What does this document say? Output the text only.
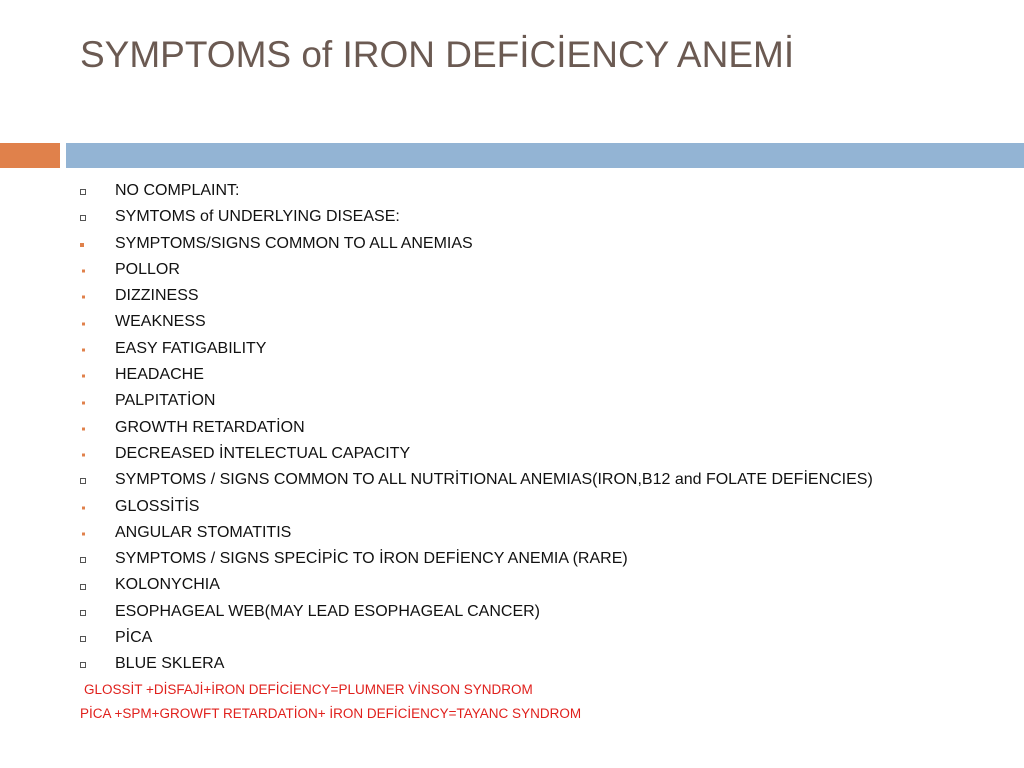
SYMPTOMS of IRON DEFİCİENCY ANEMİ
NO COMPLAINT:
SYMTOMS of UNDERLYING DISEASE:
SYMPTOMS/SIGNS COMMON TO ALL ANEMIAS
POLLOR
DIZZINESS
WEAKNESS
EASY FATIGABILITY
HEADACHE
PALPITATİON
GROWTH RETARDATİON
DECREASED İNTELECTUAL CAPACITY
SYMPTOMS / SIGNS COMMON TO ALL NUTRİTIONAL ANEMIAS(IRON,B12 and FOLATE DEFİENCIES)
GLOSSİTİS
ANGULAR STOMATITIS
SYMPTOMS / SIGNS SPECİPİC TO İRON DEFİENCY ANEMIA (RARE)
KOLONYCHIA
ESOPHAGEAL WEB(MAY LEAD ESOPHAGEAL CANCER)
PİCA
BLUE SKLERA
GLOSSİT +DİSFAJİ+İRON DEFİCİENCY=PLUMNER VİNSON SYNDROM
PİCA +SPM+GROWFT RETARDATİON+ İRON DEFİCİENCY=TAYANC SYNDROM
